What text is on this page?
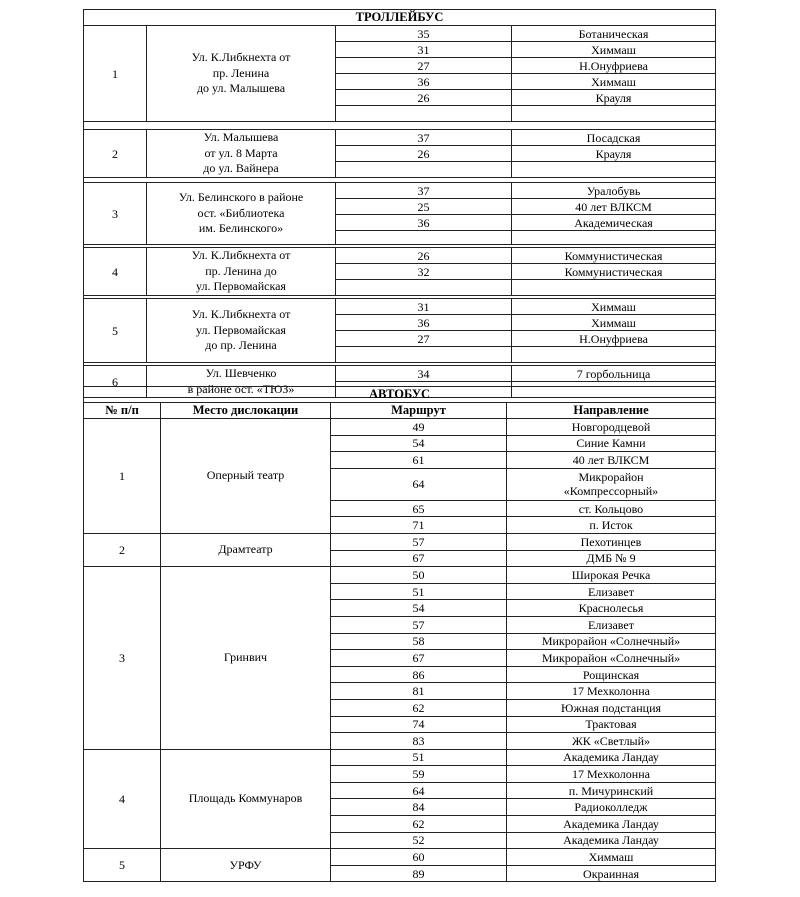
ТРОЛЛЕЙБУС			
1	Ул. К.Либкнехта от
пр. Ленина
до ул. Малышева	35	Ботаническая
		31	Химмаш
		27	Н.Онуфриева
		36	Химмаш
		26	Крауля

2	Ул. Малышева
от ул. 8 Марта
до ул. Вайнера	37	Посадская
		26	Крауля

3	Ул. Белинского в районе
ост. «Библиотека
им. Белинского»	37	Уралобувь
		25	40 лет ВЛКСМ
		36	Академическая

4	Ул. К.Либкнехта от
пр. Ленина до
ул. Первомайская	26	Коммунистическая
		32	Коммунистическая

5	Ул. К.Либкнехта от
ул. Первомайская
до пр. Ленина	31	Химмаш
		36	Химмаш
		27	Н.Онуфриева

6	Ул. Шевченко
в районе ост. «ТЮЗ»	34	7 горбольница

АВТОБУС			
№ п/п	Место дислокации	Маршрут	Направление
1	Оперный театр	49	Новгородцевой
		54	Синие Камни
		61	40 лет ВЛКСМ
		64	Микрорайон «Компрессорный»
		65	ст. Кольцово
		71	п. Исток
2	Драмтеатр	57	Пехотинцев
		67	ДМБ № 9
3	Гринвич	50	Широкая Речка
		51	Елизавет
		54	Краснолесья
		57	Елизавет
		58	Микрорайон «Солнечный»
		67	Микрорайон «Солнечный»
		86	Рощинская
		81	17 Мехколонна
		62	Южная подстанция
		74	Трактовая
		83	ЖК «Светлый»
4	Площадь Коммунаров	51	Академика Ландау
		59	17 Мехколонна
		64	п. Мичуринский
		84	Радиоколледж
		62	Академика Ландау
		52	Академика Ландау
5	УРФУ	60	Химмаш
		89	Окраинная
